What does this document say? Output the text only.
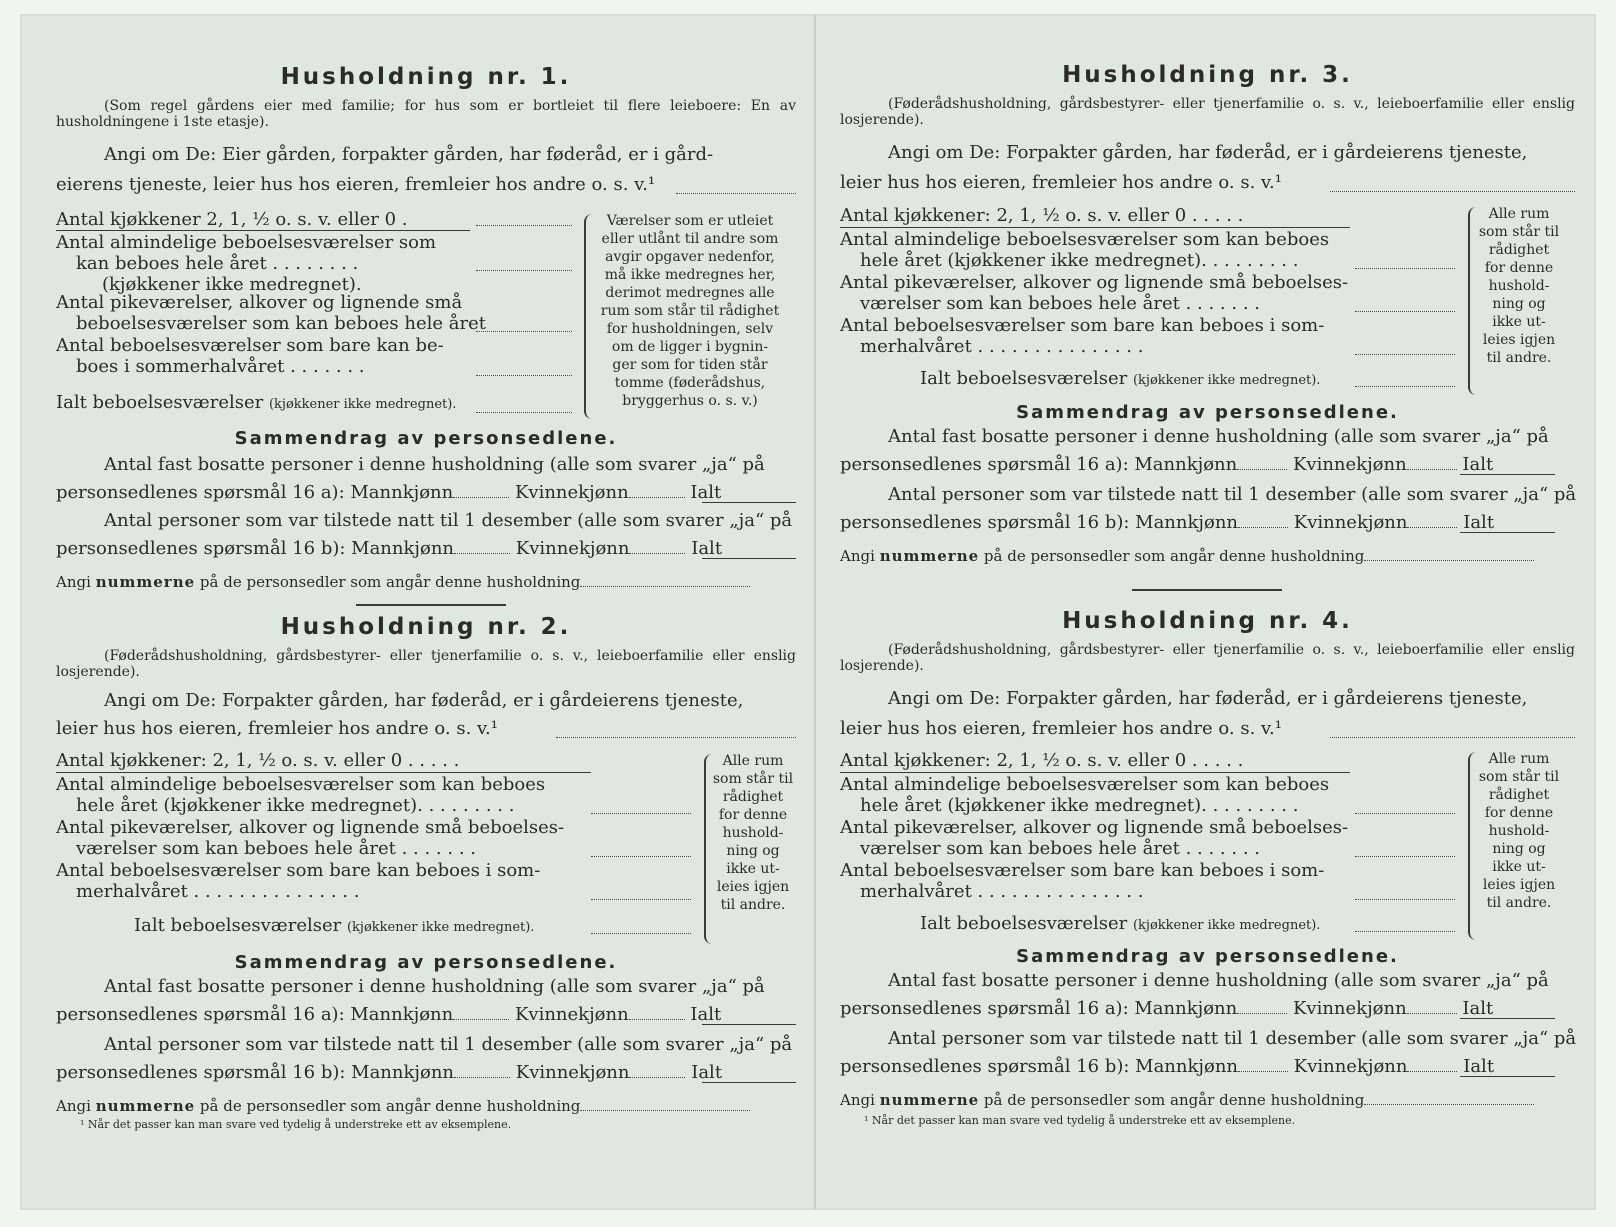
Husholdning nr. 1.
(Som regel gårdens eier med familie; for hus som er bortleiet til flere leieboere: En av husholdningene i 1ste etasje).
Angi om De: Eier gården, forpakter gården, har føderåd, er i gård-
eierens tjeneste, leier hus hos eieren, fremleier hos andre o. s. v.¹
Antal kjøkkener 2, 1, ½ o. s. v. eller 0 .
Antal almindelige beboelsesværelser som
kan beboes hele året . . . . . . . .
(kjøkkener ikke medregnet).
Antal pikeværelser, alkover og lignende små
beboelsesværelser som kan beboes hele året
Antal beboelsesværelser som bare kan be-
boes i sommerhalvåret . . . . . . .
Ialt beboelsesværelser (kjøkkener ikke medregnet).
Værelser som er utleiet
eller utlånt til andre som
avgir opgaver nedenfor,
må ikke medregnes her,
derimot medregnes alle
rum som står til rådighet
for husholdningen, selv
om de ligger i bygnin-
ger som for tiden står
tomme (føderådshus,
bryggerhus o. s. v.)
Sammendrag av personsedlene.
Antal fast bosatte personer i denne husholdning (alle som svarer „ja“ på
personsedlenes spørsmål 16 a): Mannkjønn	Kvinnekjønn	Ialt
Antal personer som var tilstede natt til 1 desember (alle som svarer „ja“ på
personsedlenes spørsmål 16 b): Mannkjønn	Kvinnekjønn	Ialt
Angi nummerne på de personsedler som angår denne husholdning
Husholdning nr. 2.
(Føderådshusholdning, gårdsbestyrer- eller tjenerfamilie o. s. v., leieboerfamilie eller enslig losjerende).
Angi om De: Forpakter gården, har føderåd, er i gårdeierens tjeneste,
leier hus hos eieren, fremleier hos andre o. s. v.¹
Antal kjøkkener: 2, 1, ½ o. s. v. eller 0 . . . . .
Antal almindelige beboelsesværelser som kan beboes
hele året (kjøkkener ikke medregnet). . . . . . . . .
Antal pikeværelser, alkover og lignende små beboelses-
værelser som kan beboes hele året . . . . . . .
Antal beboelsesværelser som bare kan beboes i som-
merhalvåret . . . . . . . . . . . . . . .
Ialt beboelsesværelser (kjøkkener ikke medregnet).
Alle rum
som står til
rådighet
for denne
hushold-
ning og
ikke ut-
leies igjen
til andre.
Sammendrag av personsedlene.
Antal fast bosatte personer i denne husholdning (alle som svarer „ja“ på
personsedlenes spørsmål 16 a): Mannkjønn	Kvinnekjønn	Ialt
Antal personer som var tilstede natt til 1 desember (alle som svarer „ja“ på
personsedlenes spørsmål 16 b): Mannkjønn	Kvinnekjønn	Ialt
Angi nummerne på de personsedler som angår denne husholdning
¹ Når det passer kan man svare ved tydelig å understreke ett av eksemplene.
Husholdning nr. 3.
(Føderådshusholdning, gårdsbestyrer- eller tjenerfamilie o. s. v., leieboerfamilie eller enslig losjerende).
Angi om De: Forpakter gården, har føderåd, er i gårdeierens tjeneste,
leier hus hos eieren, fremleier hos andre o. s. v.¹
Antal kjøkkener: 2, 1, ½ o. s. v. eller 0 . . . . .
Antal almindelige beboelsesværelser som kan beboes
hele året (kjøkkener ikke medregnet). . . . . . . . .
Antal pikeværelser, alkover og lignende små beboelses-
værelser som kan beboes hele året . . . . . . .
Antal beboelsesværelser som bare kan beboes i som-
merhalvåret . . . . . . . . . . . . . . .
Ialt beboelsesværelser (kjøkkener ikke medregnet).
Alle rum
som står til
rådighet
for denne
hushold-
ning og
ikke ut-
leies igjen
til andre.
Sammendrag av personsedlene.
Antal fast bosatte personer i denne husholdning (alle som svarer „ja“ på
personsedlenes spørsmål 16 a): Mannkjønn	Kvinnekjønn	Ialt
Antal personer som var tilstede natt til 1 desember (alle som svarer „ja“ på
personsedlenes spørsmål 16 b): Mannkjønn	Kvinnekjønn	Ialt
Angi nummerne på de personsedler som angår denne husholdning
Husholdning nr. 4.
(Føderådshusholdning, gårdsbestyrer- eller tjenerfamilie o. s. v., leieboerfamilie eller enslig losjerende).
Angi om De: Forpakter gården, har føderåd, er i gårdeierens tjeneste,
leier hus hos eieren, fremleier hos andre o. s. v.¹
Antal kjøkkener: 2, 1, ½ o. s. v. eller 0 . . . . .
Antal almindelige beboelsesværelser som kan beboes
hele året (kjøkkener ikke medregnet). . . . . . . . .
Antal pikeværelser, alkover og lignende små beboelses-
værelser som kan beboes hele året . . . . . . .
Antal beboelsesværelser som bare kan beboes i som-
merhalvåret . . . . . . . . . . . . . . .
Ialt beboelsesværelser (kjøkkener ikke medregnet).
Alle rum
som står til
rådighet
for denne
hushold-
ning og
ikke ut-
leies igjen
til andre.
Sammendrag av personsedlene.
Antal fast bosatte personer i denne husholdning (alle som svarer „ja“ på
personsedlenes spørsmål 16 a): Mannkjønn	Kvinnekjønn	Ialt
Antal personer som var tilstede natt til 1 desember (alle som svarer „ja“ på
personsedlenes spørsmål 16 b): Mannkjønn	Kvinnekjønn	Ialt
Angi nummerne på de personsedler som angår denne husholdning
¹ Når det passer kan man svare ved tydelig å understreke ett av eksemplene.
